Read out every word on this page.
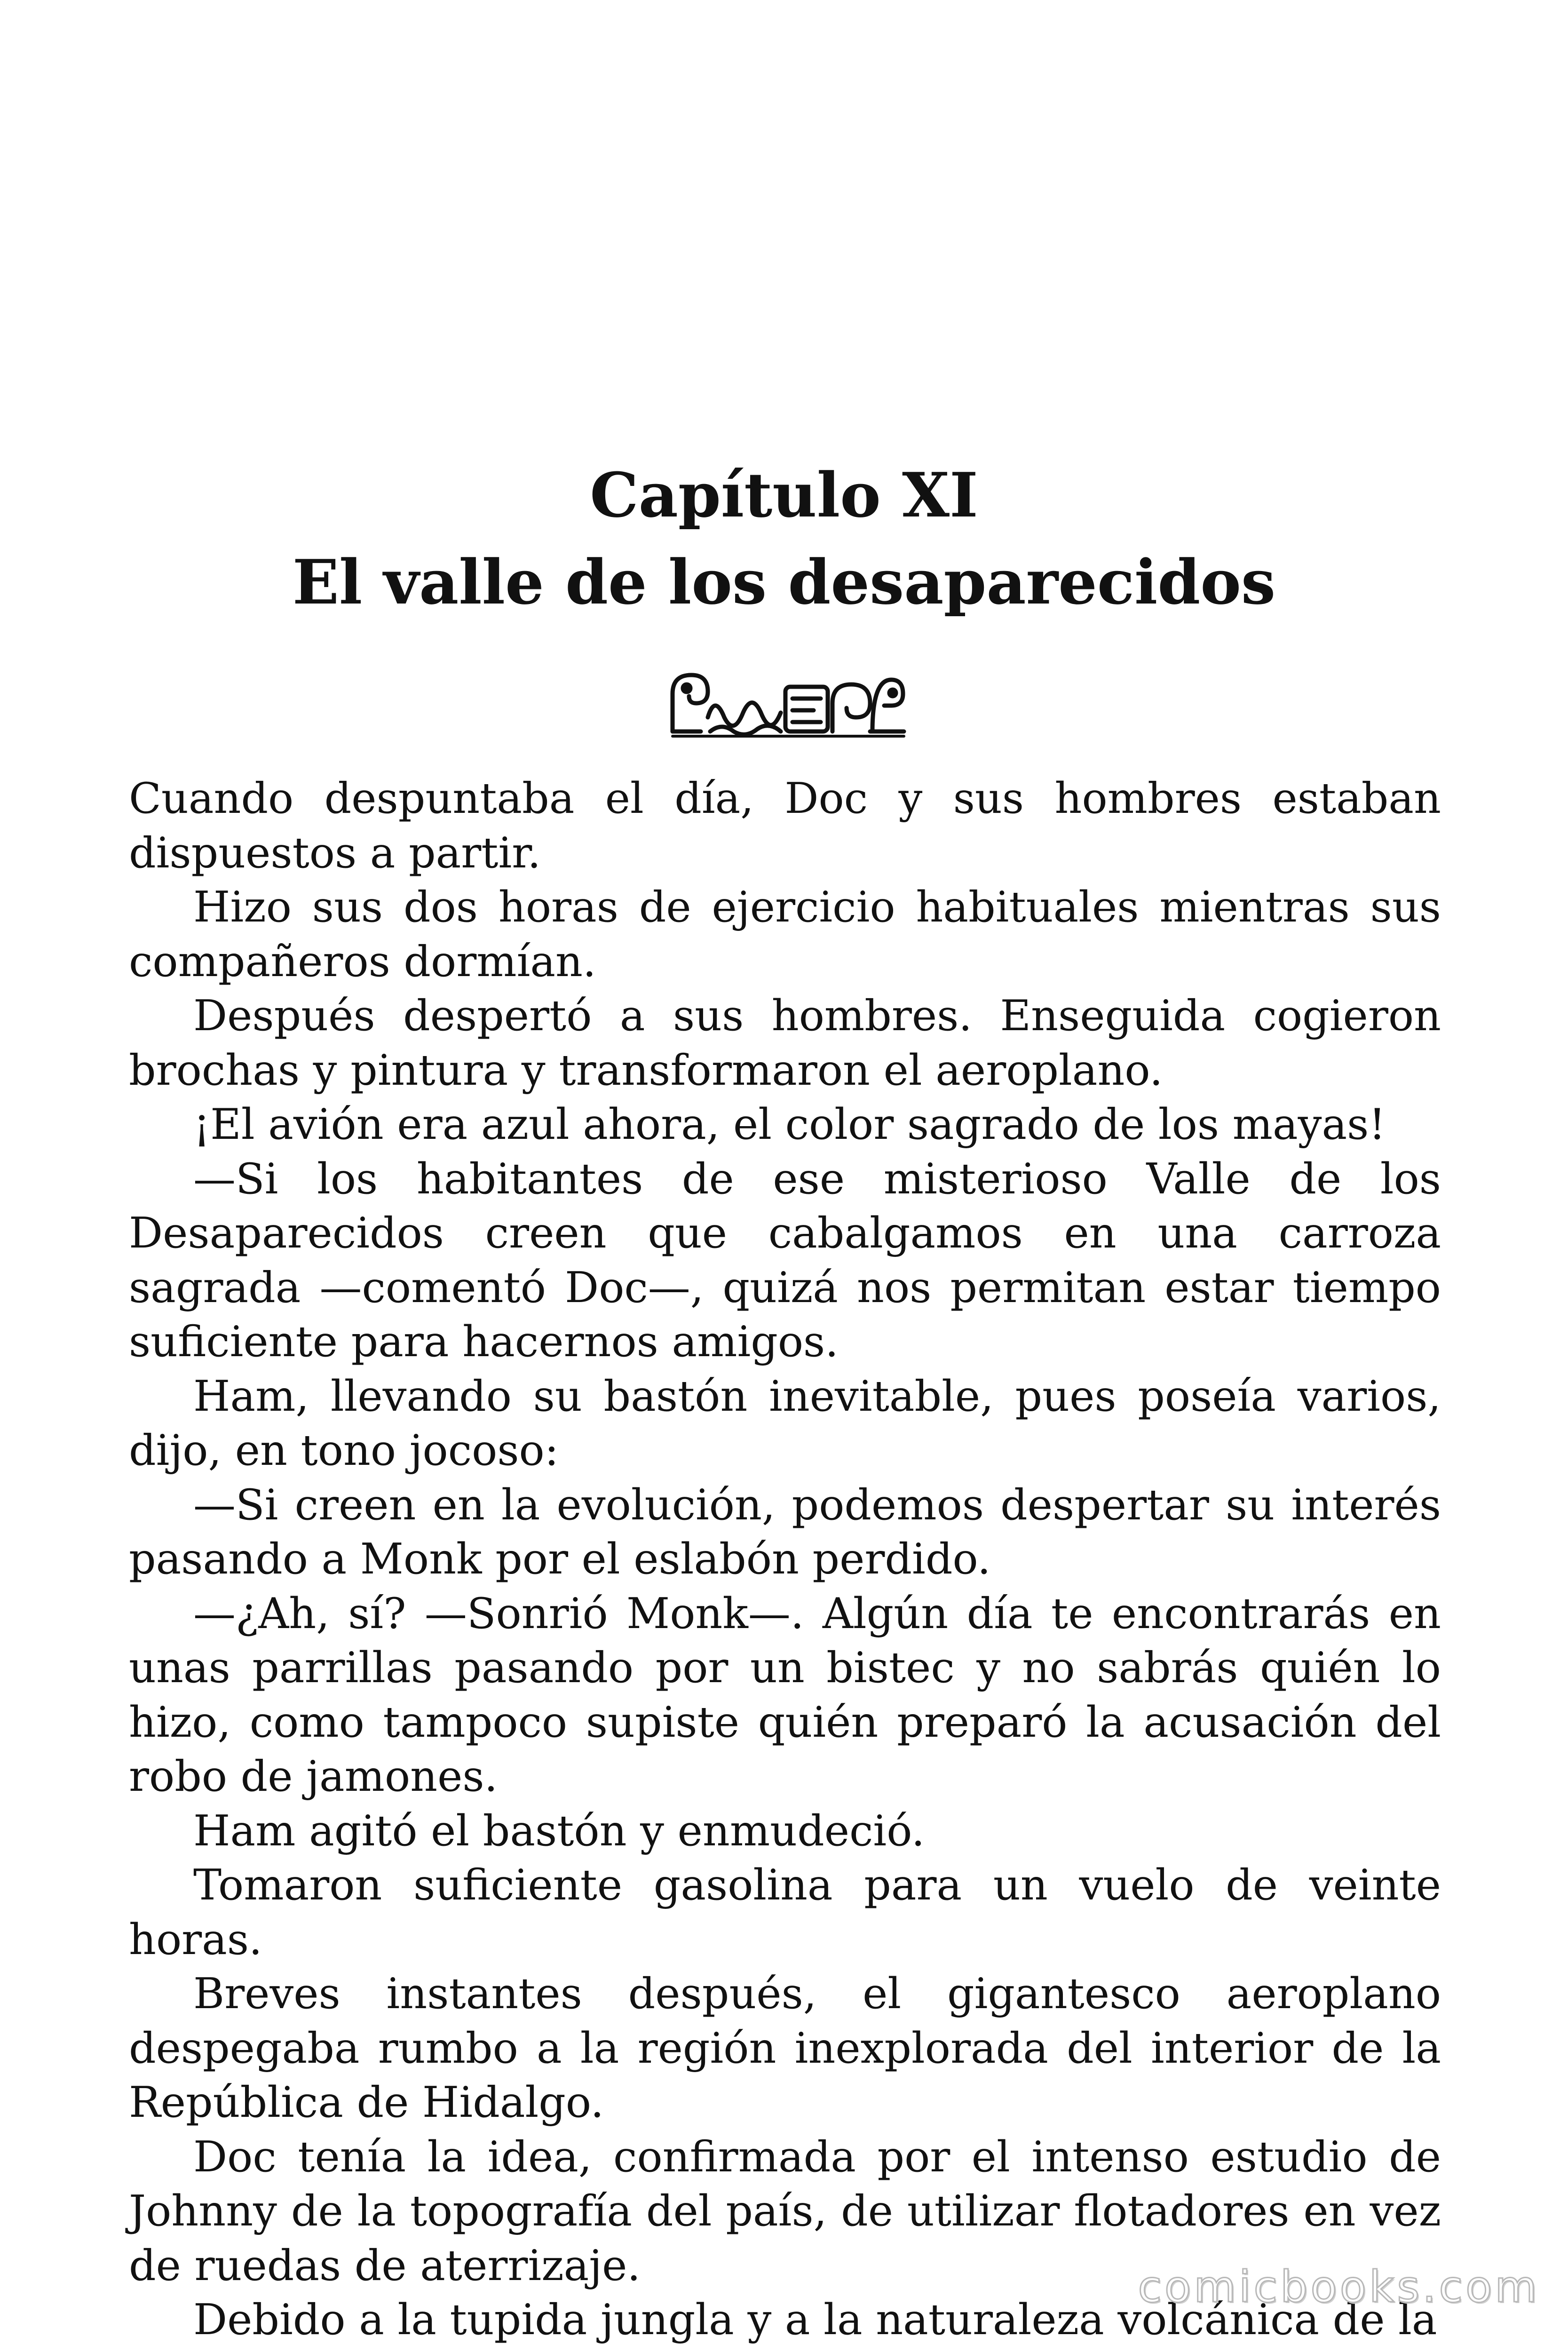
Capítulo XI
El valle de los desaparecidos

Cuando despuntaba el día, Doc y sus hombres estaban dispuestos a partir.

Hizo sus dos horas de ejercicio habituales mientras sus compañeros dormían.

Después despertó a sus hombres. Enseguida cogieron brochas y pintura y transformaron el aeroplano.

¡El avión era azul ahora, el color sagrado de los mayas!

—Si los habitantes de ese misterioso Valle de los Desaparecidos creen que cabalgamos en una carroza sagrada —comentó Doc—, quizá nos permitan estar tiempo suficiente para hacernos amigos.

Ham, llevando su bastón inevitable, pues poseía varios, dijo, en tono jocoso:

—Si creen en la evolución, podemos despertar su interés pasando a Monk por el eslabón perdido.

—¿Ah, sí? —Sonrió Monk—. Algún día te encontrarás en unas parrillas pasando por un bistec y no sabrás quién lo hizo, como tampoco supiste quién preparó la acusación del robo de jamones.

Ham agitó el bastón y enmudeció.

Tomaron suficiente gasolina para un vuelo de veinte horas.

Breves instantes después, el gigantesco aeroplano despegaba rumbo a la región inexplorada del interior de la República de Hidalgo.

Doc tenía la idea, confirmada por el intenso estudio de Johnny de la topografía del país, de utilizar flotadores en vez de ruedas de aterrizaje.

Debido a la tupida jungla y a la naturaleza volcánica de la

comicbooks.com
